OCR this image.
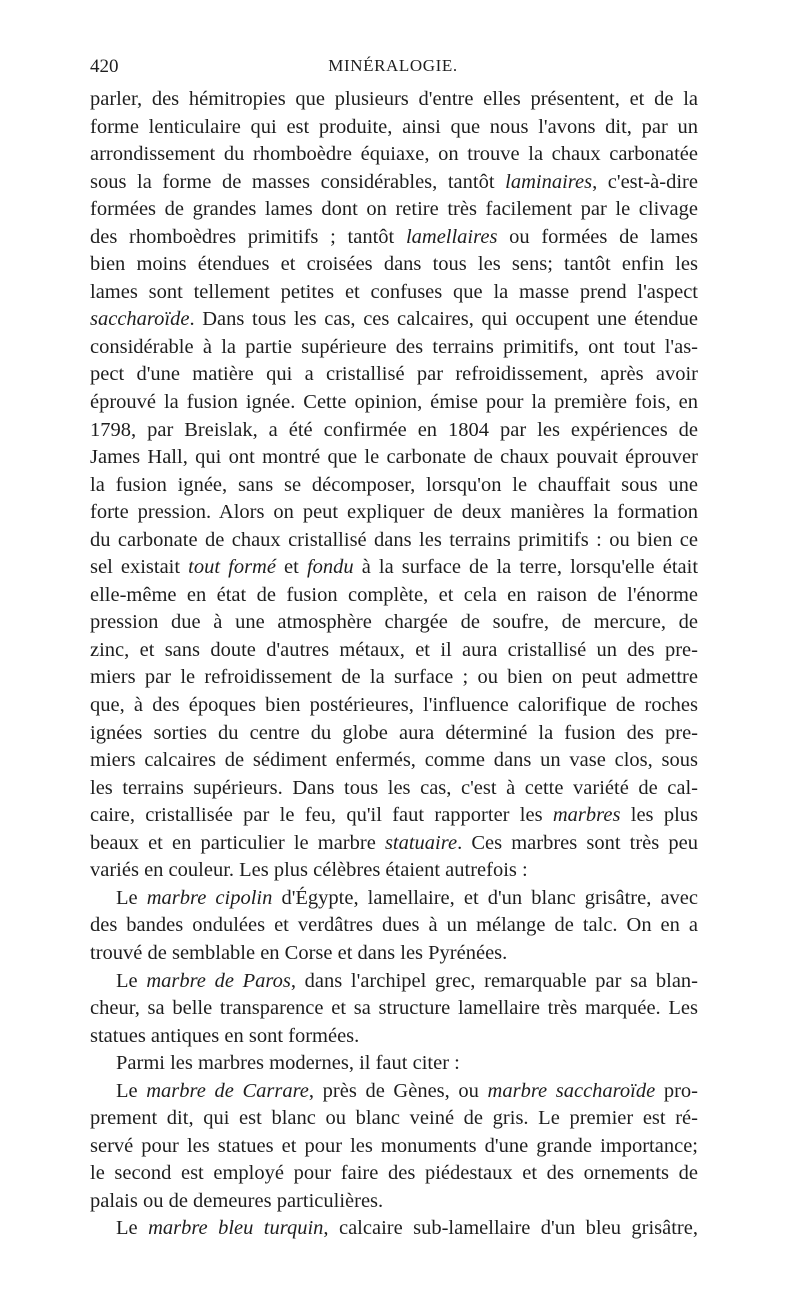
420	MINÉRALOGIE.
parler, des hémitropies que plusieurs d'entre elles présentent, et de la
forme lenticulaire qui est produite, ainsi que nous l'avons dit, par un
arrondissement du rhomboèdre équiaxe, on trouve la chaux carbonatée
sous la forme de masses considérables, tantôt laminaires, c'est-à-dire
formées de grandes lames dont on retire très facilement par le clivage
des rhomboèdres primitifs ; tantôt lamellaires ou formées de lames
bien moins étendues et croisées dans tous les sens; tantôt enfin les
lames sont tellement petites et confuses que la masse prend l'aspect
saccharoïde. Dans tous les cas, ces calcaires, qui occupent une étendue
considérable à la partie supérieure des terrains primitifs, ont tout l'as-
pect d'une matière qui a cristallisé par refroidissement, après avoir
éprouvé la fusion ignée. Cette opinion, émise pour la première fois, en
1798, par Breislak, a été confirmée en 1804 par les expériences de
James Hall, qui ont montré que le carbonate de chaux pouvait éprouver
la fusion ignée, sans se décomposer, lorsqu'on le chauffait sous une
forte pression. Alors on peut expliquer de deux manières la formation
du carbonate de chaux cristallisé dans les terrains primitifs : ou bien ce
sel existait tout formé et fondu à la surface de la terre, lorsqu'elle était
elle-même en état de fusion complète, et cela en raison de l'énorme
pression due à une atmosphère chargée de soufre, de mercure, de
zinc, et sans doute d'autres métaux, et il aura cristallisé un des pre-
miers par le refroidissement de la surface ; ou bien on peut admettre
que, à des époques bien postérieures, l'influence calorifique de roches
ignées sorties du centre du globe aura déterminé la fusion des pre-
miers calcaires de sédiment enfermés, comme dans un vase clos, sous
les terrains supérieurs. Dans tous les cas, c'est à cette variété de cal-
caire, cristallisée par le feu, qu'il faut rapporter les marbres les plus
beaux et en particulier le marbre statuaire. Ces marbres sont très peu
variés en couleur. Les plus célèbres étaient autrefois :
Le marbre cipolin d'Égypte, lamellaire, et d'un blanc grisâtre, avec
des bandes ondulées et verdâtres dues à un mélange de talc. On en a
trouvé de semblable en Corse et dans les Pyrénées.
Le marbre de Paros, dans l'archipel grec, remarquable par sa blan-
cheur, sa belle transparence et sa structure lamellaire très marquée. Les
statues antiques en sont formées.
Parmi les marbres modernes, il faut citer :
Le marbre de Carrare, près de Gènes, ou marbre saccharoïde pro-
prement dit, qui est blanc ou blanc veiné de gris. Le premier est ré-
servé pour les statues et pour les monuments d'une grande importance;
le second est employé pour faire des piédestaux et des ornements de
palais ou de demeures particulières.
Le marbre bleu turquin, calcaire sub-lamellaire d'un bleu grisâtre,
